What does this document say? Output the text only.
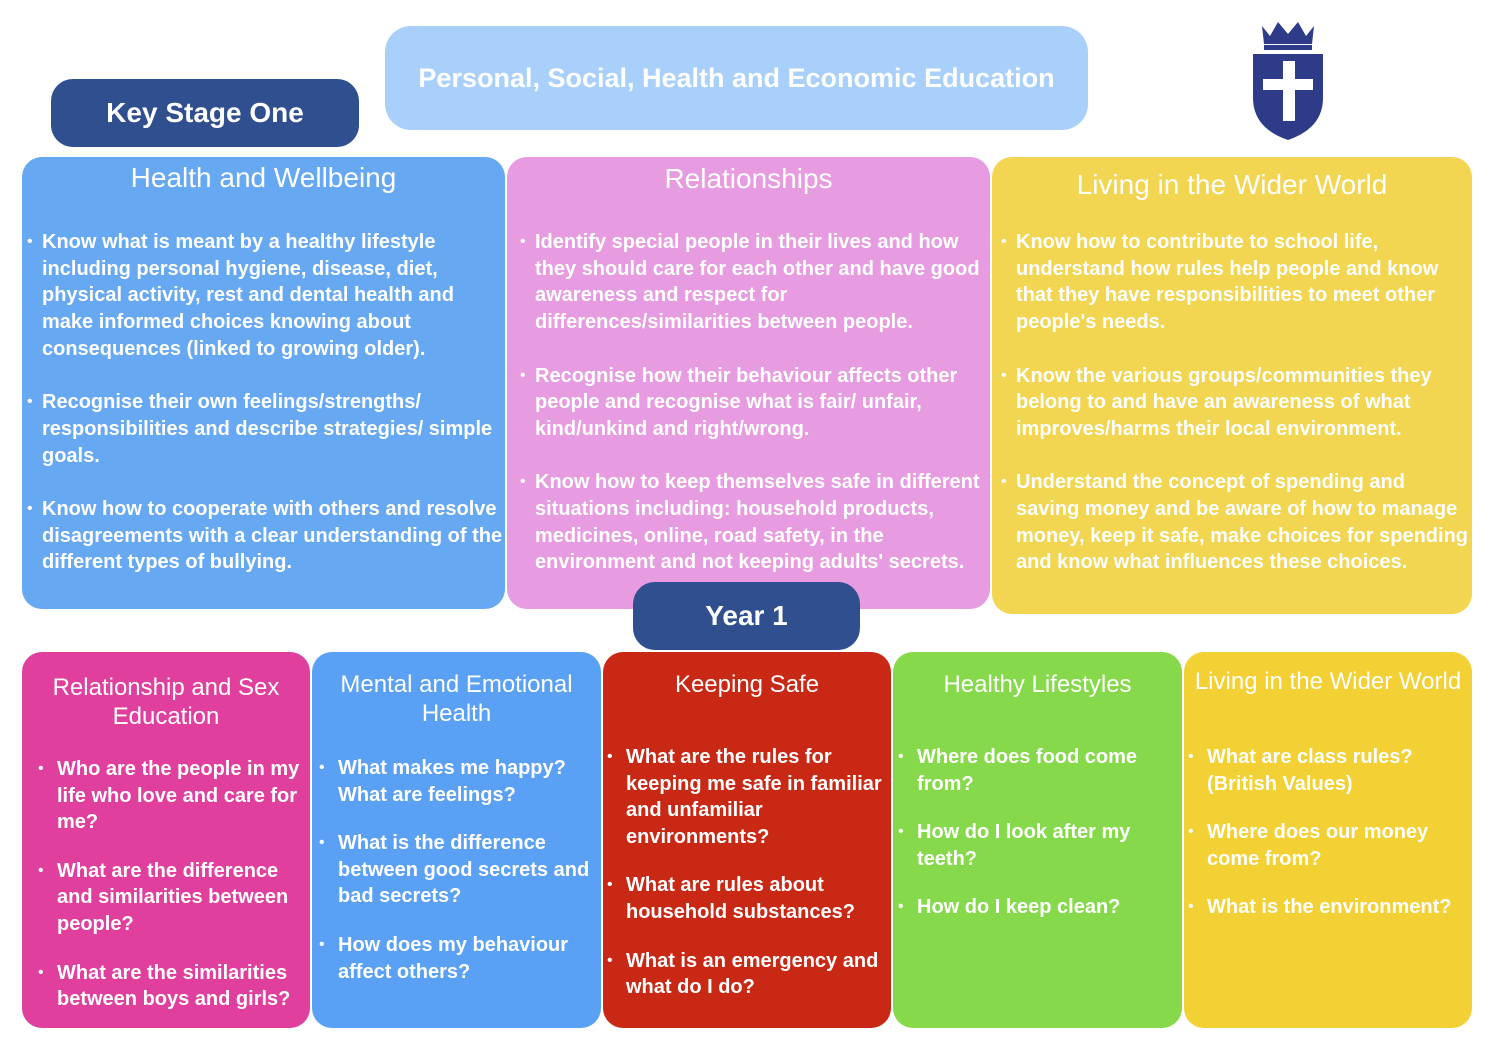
Personal, Social, Health and Economic Education
Key Stage One
Health and Wellbeing
• Know what is meant by a healthy lifestyle including personal hygiene, disease, diet, physical activity, rest and dental health and make informed choices knowing about consequences (linked to growing older).
• Recognise their own feelings/strengths/ responsibilities and describe strategies/ simple goals.
• Know how to cooperate with others and resolve disagreements with a clear understanding of the different types of bullying.
Relationships
• Identify special people in their lives and how they should care for each other and have good awareness and respect for differences/similarities between people.
• Recognise how their behaviour affects other people and recognise what is fair/ unfair, kind/unkind and right/wrong.
• Know how to keep themselves safe in different situations including: household products, medicines, online, road safety, in the environment and not keeping adults' secrets.
Living in the Wider World
• Know how to contribute to school life, understand how rules help people and know that they have responsibilities to meet other people's needs.
• Know the various groups/communities they belong to and have an awareness of what improves/harms their local environment.
• Understand the concept of spending and saving money and be aware of how to manage money, keep it safe, make choices for spending and know what influences these choices.
Year 1
Relationship and Sex Education
• Who are the people in my life who love and care for me?
• What are the difference and similarities between people?
• What are the similarities between boys and girls?
Mental and Emotional Health
• What makes me happy? What are feelings?
• What is the difference between good secrets and bad secrets?
• How does my behaviour affect others?
Keeping Safe
• What are the rules for keeping me safe in familiar and unfamiliar environments?
• What are rules about household substances?
• What is an emergency and what do I do?
Healthy Lifestyles
• Where does food come from?
• How do I look after my teeth?
• How do I keep clean?
Living in the Wider World
• What are class rules? (British Values)
• Where does our money come from?
• What is the environment?
